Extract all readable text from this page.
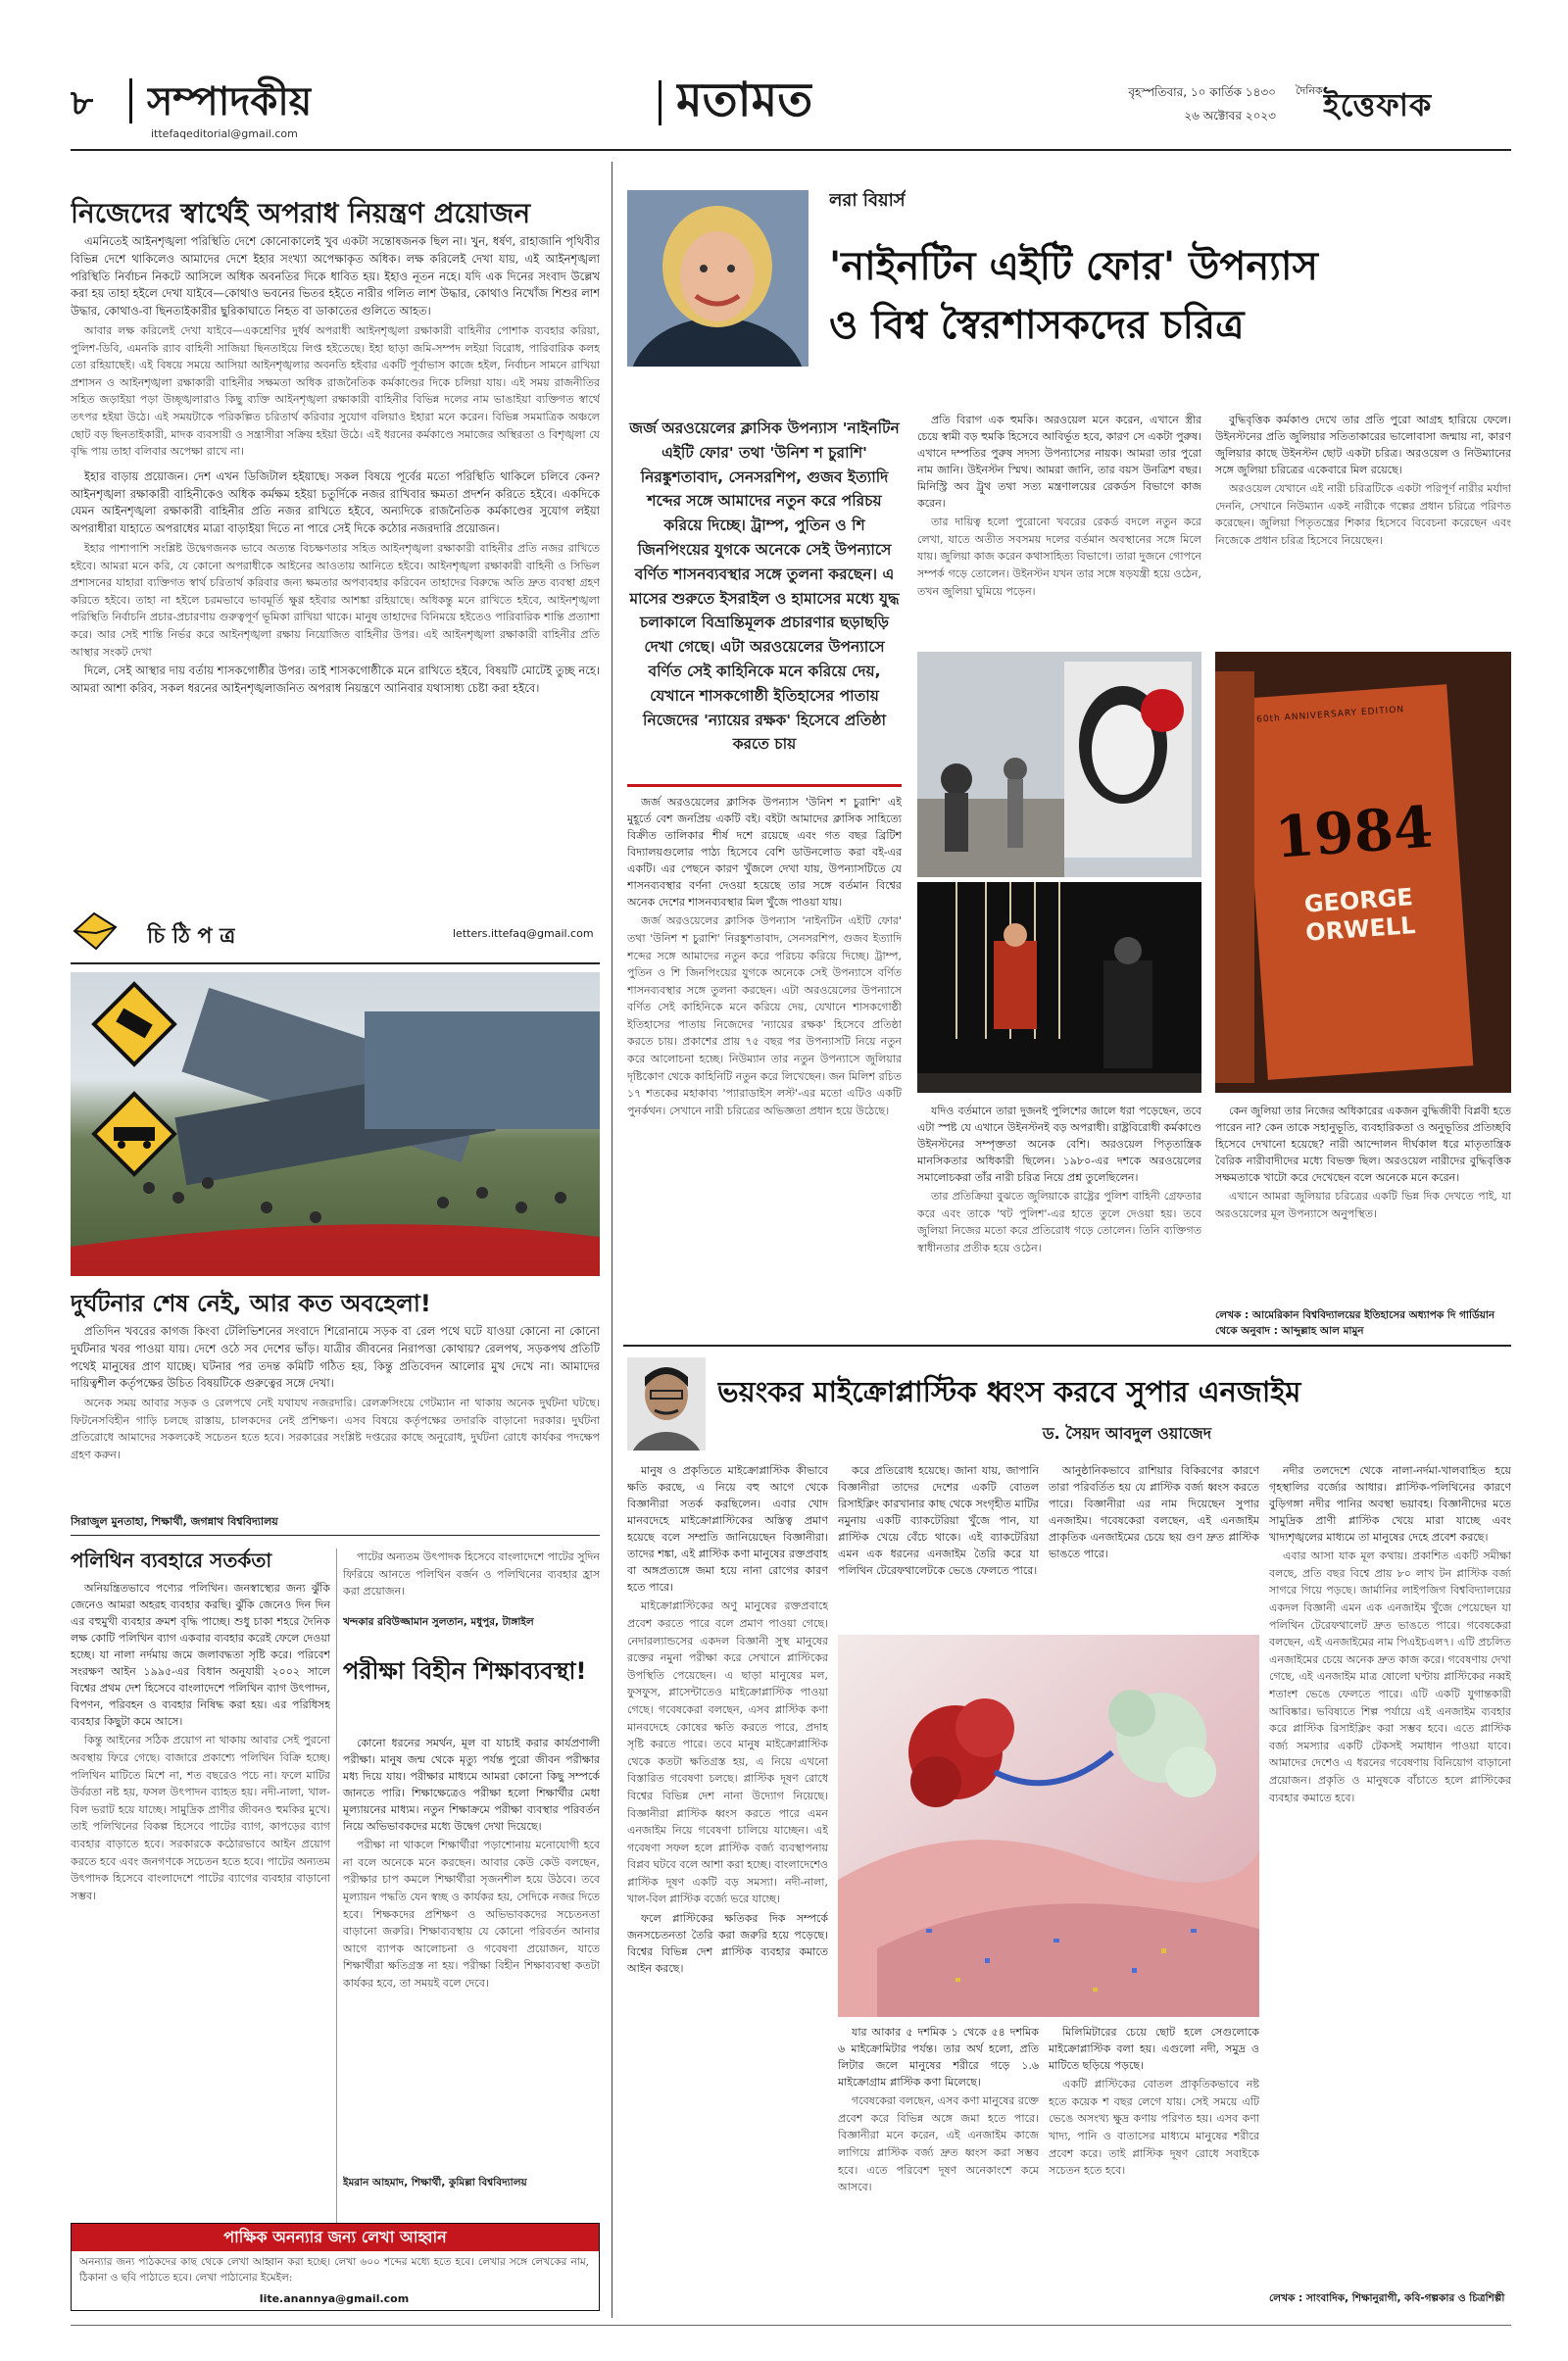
৮ সম্পাদকীয়
ittefaqeditorial@gmail.com
মতামত	বৃহস্পতিবার, ১০ কার্তিক ১৪৩০
২৬ অক্টোবর ২০২৩
দৈনিক ইত্তেফাক
নিজেদের স্বার্থেই অপরাধ নিয়ন্ত্রণ প্রয়োজন

এমনিতেই আইনশৃঙ্খলা পরিস্থিতি দেশে কোনোকালেই খুব একটা সন্তোষজনক ছিল না। খুন, ধর্ষণ, রাহাজানি পৃথিবীর বিভিন্ন দেশে থাকিলেও আমাদের দেশে ইহার সংখ্যা অপেক্ষাকৃত অধিক। লক্ষ করিলেই দেখা যায়, এই আইনশৃঙ্খলা পরিস্থিতি নির্বাচন নিকটে আসিলে অধিক অবনতির দিকে ধাবিত হয়। ইহাও নূতন নহে। যদি এক দিনের সংবাদ উল্লেখ করা হয় তাহা হইলে দেখা যাইবে—কোথাও ভবনের ভিতর হইতে নারীর গলিত লাশ উদ্ধার, কোথাও নিখোঁজ শিশুর লাশ উদ্ধার, কোথাও-বা ছিনতাইকারীর ছুরিকাঘাতে নিহত বা ডাকাতের গুলিতে আহত।

আবার লক্ষ করিলেই দেখা যাইবে—একশ্রেণির দুর্ধর্ষ অপরাধী আইনশৃঙ্খলা রক্ষাকারী বাহিনীর পোশাক ব্যবহার করিয়া, পুলিশ-ডিবি, এমনকি র‍্যাব বাহিনী সাজিয়া ছিনতাইয়ে লিপ্ত হইতেছে। ইহা ছাড়া জমি-সম্পদ লইয়া বিরোধ, পারিবারিক কলহ তো রহিয়াছেই। এই বিষয়ে সময়ে আসিয়া আইনশৃঙ্খলার অবনতি হইবার একটি পূর্বাভাস কাজে হইল, নির্বাচন সামনে রাখিয়া প্রশাসন ও আইনশৃঙ্খলা রক্ষাকারী বাহিনীর সক্ষমতা অধিক রাজনৈতিক কর্মকাণ্ডের দিকে চলিয়া যায়। এই সময় রাজনীতির সহিত জড়াইয়া পড়া উচ্ছৃঙ্খলারাও কিছু ব্যক্তি আইনশৃঙ্খলা রক্ষাকারী বাহিনীর বিভিন্ন দলের নাম ভাঙাইয়া ব্যক্তিগত স্বার্থে তৎপর হইয়া উঠে। এই সময়টাকে পরিকল্পিত চরিতার্থ করিবার সুযোগ বলিয়াও ইহারা মনে করেন। বিভিন্ন সমমাত্রিক অঞ্চলে ছোট বড় ছিনতাইকারী, মাদক ব্যবসায়ী ও সন্ত্রাসীরা সক্রিয় হইয়া উঠে। এই ধরনের কর্মকাণ্ডে সমাজের অস্থিরতা ও বিশৃঙ্খলা যে বৃদ্ধি পায় তাহা বলিবার অপেক্ষা রাখে না।

ইহার বাড়ায় প্রয়োজন। দেশ এখন ডিজিটাল হইয়াছে। সকল বিষয়ে পূর্বের মতো পরিস্থিতি থাকিলে চলিবে কেন? আইনশৃঙ্খলা রক্ষাকারী বাহিনীকেও অধিক কর্মক্ষম হইয়া চতুর্দিকে নজর রাখিবার ক্ষমতা প্রদর্শন করিতে হইবে। একদিকে যেমন আইনশৃঙ্খলা রক্ষাকারী বাহিনীর প্রতি নজর রাখিতে হইবে, অন্যদিকে রাজনৈতিক কর্মকাণ্ডের সুযোগ লইয়া অপরাধীরা যাহাতে অপরাধের মাত্রা বাড়াইয়া দিতে না পারে সেই দিকে কঠোর নজরদারি প্রয়োজন।

ইহার পাশাপাশি সংশ্লিষ্ট উদ্বেগজনক ভাবে অত্যন্ত বিচক্ষণতার সহিত আইনশৃঙ্খলা রক্ষাকারী বাহিনীর প্রতি নজর রাখিতে হইবে। আমরা মনে করি, যে কোনো অপরাধীকে আইনের আওতায় আনিতে হইবে। আইনশৃঙ্খলা রক্ষাকারী বাহিনী ও সিভিল প্রশাসনের যাহারা ব্যক্তিগত স্বার্থ চরিতার্থ করিবার জন্য ক্ষমতার অপব্যবহার করিবেন তাহাদের বিরুদ্ধে অতি দ্রুত ব্যবস্থা গ্রহণ করিতে হইবে। তাহা না হইলে চরমভাবে ভাবমূর্তি ক্ষুণ্ণ হইবার আশঙ্কা রহিয়াছে। অধিকন্তু মনে রাখিতে হইবে, আইনশৃঙ্খলা পরিস্থিতি নির্বাচনি প্রচার-প্রচারণায় গুরুত্বপূর্ণ ভূমিকা রাখিয়া থাকে। মানুষ তাহাদের বিনিময়ে হইতেও পারিবারিক শান্তি প্রত্যাশা করে। আর সেই শান্তি নির্ভর করে আইনশৃঙ্খলা রক্ষায় নিয়োজিত বাহিনীর উপর। এই আইনশৃঙ্খলা রক্ষাকারী বাহিনীর প্রতি আস্থার সংকট দেখা

দিলে, সেই আস্থার দায় বর্তায় শাসকগোষ্ঠীর উপর। তাই শাসকগোষ্ঠীকে মনে রাখিতে হইবে, বিষয়টি মোটেই তুচ্ছ নহে। আমরা আশা করিব, সকল ধরনের আইনশৃঙ্খলাজনিত অপরাধ নিয়ন্ত্রণে আনিবার যথাসাধ্য চেষ্টা করা হইবে।

চি ঠি প ত্র	letters.ittefaq@gmail.com
দুর্ঘটনার শেষ নেই, আর কত অবহেলা!

প্রতিদিন খবরের কাগজ কিংবা টেলিভিশনের সংবাদে শিরোনামে সড়ক বা রেল পথে ঘটে যাওয়া কোনো না কোনো দুর্ঘটনার খবর পাওয়া যায়। দেশে ওঠে সব দেশের ভাঁড়। যাত্রীর জীবনের নিরাপত্তা কোথায়? রেলপথ, সড়কপথ প্রতিটি পথেই মানুষের প্রাণ যাচ্ছে। ঘটনার পর তদন্ত কমিটি গঠিত হয়, কিন্তু প্রতিবেদন আলোর মুখ দেখে না। আমাদের দায়িত্বশীল কর্তৃপক্ষের উচিত বিষয়টিকে গুরুত্বের সঙ্গে দেখা।

অনেক সময় আবার সড়ক ও রেলপথে নেই যথাযথ নজরদারি। রেলক্রসিংয়ে গেটম্যান না থাকায় অনেক দুর্ঘটনা ঘটছে। ফিটনেসবিহীন গাড়ি চলছে রাস্তায়, চালকদের নেই প্রশিক্ষণ। এসব বিষয়ে কর্তৃপক্ষের তদারকি বাড়ানো দরকার। দুর্ঘটনা প্রতিরোধে আমাদের সকলকেই সচেতন হতে হবে। সরকারের সংশ্লিষ্ট দপ্তরের কাছে অনুরোধ, দুর্ঘটনা রোধে কার্যকর পদক্ষেপ গ্রহণ করুন।

সিরাজুল মুনতাহা, শিক্ষার্থী, জগন্নাথ বিশ্ববিদ্যালয়
পলিথিন ব্যবহারে সতর্কতা

অনিয়ন্ত্রিতভাবে পণ্যের পলিথিন। জনস্বাস্থ্যের জন্য ঝুঁকি জেনেও আমরা অহরহ ব্যবহার করছি। ঝুঁকি জেনেও দিন দিন এর বহুমুখী ব্যবহার ক্রমশ বৃদ্ধি পাচ্ছে। শুধু চাকা শহরে দৈনিক লক্ষ কোটি পলিথিন ব্যাগ একবার ব্যবহার করেই ফেলে দেওয়া হচ্ছে। যা নালা নর্দমায় জমে জলাবদ্ধতা সৃষ্টি করে। পরিবেশ সংরক্ষণ আইন ১৯৯৫-এর বিধান অনুযায়ী ২০০২ সালে বিশ্বের প্রথম দেশ হিসেবে বাংলাদেশে পলিথিন ব্যাগ উৎপাদন, বিপণন, পরিবহন ও ব্যবহার নিষিদ্ধ করা হয়। এর পরিধিসহ ব্যবহার কিছুটা কমে আসে।

কিন্তু আইনের সঠিক প্রয়োগ না থাকায় আবার সেই পুরনো অবস্থায় ফিরে গেছে। বাজারে প্রকাশ্যে পলিথিন বিক্রি হচ্ছে। পলিথিন মাটিতে মিশে না, শত বছরেও পচে না। ফলে মাটির উর্বরতা নষ্ট হয়, ফসল উৎপাদন ব্যাহত হয়। নদী-নালা, খাল-বিল ভরাট হয়ে যাচ্ছে। সামুদ্রিক প্রাণীর জীবনও হুমকির মুখে। তাই পলিথিনের বিকল্প হিসেবে পাটের ব্যাগ, কাপড়ের ব্যাগ ব্যবহার বাড়াতে হবে। সরকারকে কঠোরভাবে আইন প্রয়োগ করতে হবে এবং জনগণকে সচেতন হতে হবে। পাটের অন্যতম উৎপাদক হিসেবে বাংলাদেশে পাটের ব্যাগের ব্যবহার বাড়ানো সম্ভব।

পাটের অন্যতম উৎপাদক হিসেবে বাংলাদেশে পাটের সুদিন ফিরিয়ে আনতে পলিথিন বর্জন ও পলিথিনের ব্যবহার হ্রাস করা প্রয়োজন।

খন্দকার রবিউজ্জামান সুলতান, মধুপুর, টাঙ্গাইল
পরীক্ষা বিহীন শিক্ষাব্যবস্থা!

কোনো ধরনের সমর্থন, মূল বা যাচাই করার কার্যপ্রণালী পরীক্ষা। মানুষ জন্ম থেকে মৃত্যু পর্যন্ত পুরো জীবন পরীক্ষার মধ্য দিয়ে যায়। পরীক্ষার মাধ্যমে আমরা কোনো কিছু সম্পর্কে জানতে পারি। শিক্ষাক্ষেত্রেও পরীক্ষা হলো শিক্ষার্থীর মেধা মূল্যায়নের মাধ্যম। নতুন শিক্ষাক্রমে পরীক্ষা ব্যবস্থার পরিবর্তন নিয়ে অভিভাবকদের মধ্যে উদ্বেগ দেখা দিয়েছে।

পরীক্ষা না থাকলে শিক্ষার্থীরা পড়াশোনায় মনোযোগী হবে না বলে অনেকে মনে করছেন। আবার কেউ কেউ বলছেন, পরীক্ষার চাপ কমলে শিক্ষার্থীরা সৃজনশীল হয়ে উঠবে। তবে মূল্যায়ন পদ্ধতি যেন স্বচ্ছ ও কার্যকর হয়, সেদিকে নজর দিতে হবে। শিক্ষকদের প্রশিক্ষণ ও অভিভাবকদের সচেতনতা বাড়ানো জরুরি। শিক্ষাব্যবস্থায় যে কোনো পরিবর্তন আনার আগে ব্যাপক আলোচনা ও গবেষণা প্রয়োজন, যাতে শিক্ষার্থীরা ক্ষতিগ্রস্ত না হয়। পরীক্ষা বিহীন শিক্ষাব্যবস্থা কতটা কার্যকর হবে, তা সময়ই বলে দেবে।

ইমরান আহমাদ, শিক্ষার্থী, কুমিল্লা বিশ্ববিদ্যালয়
পাক্ষিক অনন্যার জন্য লেখা আহ্বান
অনন্যার জন্য পাঠকদের কাছ থেকে লেখা আহ্বান করা হচ্ছে। লেখা ৬০০ শব্দের মধ্যে হতে হবে। লেখার সঙ্গে লেখকের নাম, ঠিকানা ও ছবি পাঠাতে হবে। লেখা পাঠানোর ইমেইল:
lite.anannya@gmail.com
লরা বিয়ার্স
'নাইনটিন এইটি ফোর' উপন্যাস
ও বিশ্ব স্বৈরশাসকদের চরিত্র
জর্জ অরওয়েলের ক্লাসিক উপন্যাস 'নাইনটিন এইটি ফোর' তথা 'উনিশ শ চুরাশি' নিরঙ্কুশতাবাদ, সেনসরশিপ, গুজব ইত্যাদি শব্দের সঙ্গে আমাদের নতুন করে পরিচয় করিয়ে দিচ্ছে। ট্রাম্প, পুতিন ও শি জিনপিংয়ের যুগকে অনেকে সেই উপন্যাসে বর্ণিত শাসনব্যবস্থার সঙ্গে তুলনা করছেন। এ মাসের শুরুতে ইসরাইল ও হামাসের মধ্যে যুদ্ধ চলাকালে বিভ্রান্তিমূলক প্রচারণার ছড়াছড়ি দেখা গেছে। এটা অরওয়েলের উপন্যাসে বর্ণিত সেই কাহিনিকে মনে করিয়ে দেয়, যেখানে শাসকগোষ্ঠী ইতিহাসের পাতায় নিজেদের 'ন্যায়ের রক্ষক' হিসেবে প্রতিষ্ঠা করতে চায়

প্রতি বিরাগ এক হুমকি। অরওয়েল মনে করেন, এখানে স্ত্রীর চেয়ে স্বামী বড় হুমকি হিসেবে আবির্ভূত হবে, কারণ সে একটা পুরুষ। এখানে দম্পতির পুরুষ সদস্য উপন্যাসের নায়ক। আমরা তার পুরো নাম জানি। উইনস্টন স্মিথ। আমরা জানি, তার বয়স উনত্রিশ বছর। মিনিস্ট্রি অব ট্রুথ তথা সত্য মন্ত্রণালয়ের রেকর্ডস বিভাগে কাজ করেন।

তার দায়িত্ব হলো পুরোনো খবরের রেকর্ড বদলে নতুন করে লেখা, যাতে অতীত সবসময় দলের বর্তমান অবস্থানের সঙ্গে মিলে যায়। জুলিয়া কাজ করেন কথাসাহিত্য বিভাগে। তারা দুজনে গোপনে সম্পর্ক গড়ে তোলেন। উইনস্টন যখন তার সঙ্গে ষড়যন্ত্রী হয়ে ওঠেন, তখন জুলিয়া ঘুমিয়ে পড়েন।

বুদ্ধিবৃত্তিক কর্মকাণ্ড দেখে তার প্রতি পুরো আগ্রহ হারিয়ে ফেলে। উইনস্টনের প্রতি জুলিয়ার সতিতাকারের ভালোবাসা জন্মায় না, কারণ জুলিয়ার কাছে উইনস্টন ছোট একটা চরিত্র। অরওয়েল ও নিউম্যানের সঙ্গে জুলিয়া চরিত্রের একেবারে মিল রয়েছে।

অরওয়েল যেখানে এই নারী চরিত্রটিকে একটা পরিপূর্ণ নারীর মর্যাদা দেননি, সেখানে নিউম্যান একই নারীকে গল্পের প্রধান চরিত্রে পরিণত করেছেন। জুলিয়া পিতৃতন্ত্রের শিকার হিসেবে বিবেচনা করেছেন এবং নিজেকে প্রধান চরিত্র হিসেবে নিয়েছেন।

60th ANNIVERSARY EDITION
1984
GEORGE ORWELL

জর্জ অরওয়েলের ক্লাসিক উপন্যাস 'উনিশ শ চুরাশি' এই মুহূর্তে বেশ জনপ্রিয় একটি বই। বইটা আমাদের ক্লাসিক সাহিত্যে বিক্রীত তালিকার শীর্ষ দশে রয়েছে এবং গত বছর ব্রিটিশ বিদ্যালয়গুলোর পাঠ্য হিসেবে বেশি ডাউনলোড করা বই-এর একটি। এর পেছনে কারণ খুঁজলে দেখা যায়, উপন্যাসটিতে যে শাসনব্যবস্থার বর্ণনা দেওয়া হয়েছে তার সঙ্গে বর্তমান বিশ্বের অনেক দেশের শাসনব্যবস্থার মিল খুঁজে পাওয়া যায়।

জর্জ অরওয়েলের ক্লাসিক উপন্যাস 'নাইনটিন এইটি ফোর' তথা 'উনিশ শ চুরাশি' নিরঙ্কুশতাবাদ, সেনসরশিপ, গুজব ইত্যাদি শব্দের সঙ্গে আমাদের নতুন করে পরিচয় করিয়ে দিচ্ছে। ট্রাম্প, পুতিন ও শি জিনপিংয়ের যুগকে অনেকে সেই উপন্যাসে বর্ণিত শাসনব্যবস্থার সঙ্গে তুলনা করছেন। এটা অরওয়েলের উপন্যাসে বর্ণিত সেই কাহিনিকে মনে করিয়ে দেয়, যেখানে শাসকগোষ্ঠী ইতিহাসের পাতায় নিজেদের 'ন্যায়ের রক্ষক' হিসেবে প্রতিষ্ঠা করতে চায়। প্রকাশের প্রায় ৭৫ বছর পর উপন্যাসটি নিয়ে নতুন করে আলোচনা হচ্ছে। নিউম্যান তার নতুন উপন্যাসে জুলিয়ার দৃষ্টিকোণ থেকে কাহিনিটি নতুন করে লিখেছেন। জন মিলিশ রচিত ১৭ শতকের মহাকাব্য 'প্যারাডাইস লস্ট'-এর মতো এটিও একটি পুনর্কথন। সেখানে নারী চরিত্রের অভিজ্ঞতা প্রধান হয়ে উঠেছে।	যদিও বর্তমানে তারা দুজনই পুলিশের জালে ধরা পড়েছেন, তবে এটা স্পষ্ট যে এখানে উইনস্টনই বড় অপরাধী। রাষ্ট্রবিরোধী কর্মকাণ্ডে উইনস্টনের সম্পৃক্ততা অনেক বেশি। অরওয়েল পিতৃতান্ত্রিক মানসিকতার অধিকারী ছিলেন। ১৯৮০-এর দশকে অরওয়েলের সমালোচকরা তাঁর নারী চরিত্র নিয়ে প্রশ্ন তুলেছিলেন।

তার প্রতিক্রিয়া বুঝতে জুলিয়াকে রাষ্ট্রের পুলিশ বাহিনী গ্রেফতার করে এবং তাকে 'থট পুলিশ'-এর হাতে তুলে দেওয়া হয়। তবে জুলিয়া নিজের মতো করে প্রতিরোধ গড়ে তোলেন। তিনি ব্যক্তিগত স্বাধীনতার প্রতীক হয়ে ওঠেন।

কেন জুলিয়া তার নিজের অধিকারের একজন বুদ্ধিজীবী বিপ্লবী হতে পারেন না? কেন তাকে সহানুভূতি, ব্যবহারিকতা ও অনুভূতির প্রতিচ্ছবি হিসেবে দেখানো হয়েছে? নারী আন্দোলন দীর্ঘকাল ধরে মাতৃতান্ত্রিক বৈরিক নারীবাদীদের মধ্যে বিভক্ত ছিল। অরওয়েল নারীদের বুদ্ধিবৃত্তিক সক্ষমতাকে খাটো করে দেখেছেন বলে অনেকে মনে করেন।

এখানে আমরা জুলিয়ার চরিত্রের একটি ভিন্ন দিক দেখতে পাই, যা অরওয়েলের মূল উপন্যাসে অনুপস্থিত।

লেখক : আমেরিকান বিশ্ববিদ্যালয়ের ইতিহাসের অধ্যাপক দি গার্ডিয়ান থেকে অনুবাদ : আব্দুল্লাহ আল মামুন
ভয়ংকর মাইক্রোপ্লাস্টিক ধ্বংস করবে সুপার এনজাইম
ড. সৈয়দ আবদুল ওয়াজেদ

মানুষ ও প্রকৃতিতে মাইক্রোপ্লাস্টিক কীভাবে ক্ষতি করছে, এ নিয়ে বহু আগে থেকে বিজ্ঞানীরা সতর্ক করছিলেন। এবার খোদ মানবদেহে মাইক্রোপ্লাস্টিকের অস্তিত্ব প্রমাণ হয়েছে বলে সম্প্রতি জানিয়েছেন বিজ্ঞানীরা। তাদের শঙ্কা, এই প্লাস্টিক কণা মানুষের রক্তপ্রবাহ বা অঙ্গপ্রত্যঙ্গে জমা হয়ে নানা রোগের কারণ হতে পারে।

মাইক্রোপ্লাস্টিকের অণু মানুষের রক্তপ্রবাহে প্রবেশ করতে পারে বলে প্রমাণ পাওয়া গেছে। নেদারল্যান্ডসের একদল বিজ্ঞানী সুস্থ মানুষের রক্তের নমুনা পরীক্ষা করে সেখানে প্লাস্টিকের উপস্থিতি পেয়েছেন। এ ছাড়া মানুষের মল, ফুসফুস, প্লাসেন্টাতেও মাইক্রোপ্লাস্টিক পাওয়া গেছে। গবেষকেরা বলছেন, এসব প্লাস্টিক কণা মানবদেহে কোষের ক্ষতি করতে পারে, প্রদাহ সৃষ্টি করতে পারে। তবে মানুষ মাইক্রোপ্লাস্টিক থেকে কতটা ক্ষতিগ্রস্ত হয়, এ নিয়ে এখনো বিস্তারিত গবেষণা চলছে। প্লাস্টিক দূষণ রোধে বিশ্বের বিভিন্ন দেশ নানা উদ্যোগ নিয়েছে। বিজ্ঞানীরা প্লাস্টিক ধ্বংস করতে পারে এমন এনজাইম নিয়ে গবেষণা চালিয়ে যাচ্ছেন। এই গবেষণা সফল হলে প্লাস্টিক বর্জ্য ব্যবস্থাপনায় বিপ্লব ঘটবে বলে আশা করা হচ্ছে। বাংলাদেশেও প্লাস্টিক দূষণ একটি বড় সমস্যা। নদী-নালা, খাল-বিল প্লাস্টিক বর্জ্যে ভরে যাচ্ছে।

ফলে প্লাস্টিকের ক্ষতিকর দিক সম্পর্কে জনসচেতনতা তৈরি করা জরুরি হয়ে পড়েছে। বিশ্বের বিভিন্ন দেশ প্লাস্টিক ব্যবহার কমাতে আইন করছে।

করে প্রতিরোধ হয়েছে। জানা যায়, জাপানি বিজ্ঞানীরা তাদের দেশের একটি বোতল রিসাইক্লিং কারখানার কাছ থেকে সংগৃহীত মাটির নমুনায় একটি ব্যাকটেরিয়া খুঁজে পান, যা প্লাস্টিক খেয়ে বেঁচে থাকে। এই ব্যাকটেরিয়া এমন এক ধরনের এনজাইম তৈরি করে যা পলিথিন টেরেফথালেটকে ভেঙে ফেলতে পারে।

আনুষ্ঠানিকভাবে রাশিয়ার বিকিরণের কারণে তারা পরিবর্তিত হয় যে প্লাস্টিক বর্জ্য ধ্বংস করতে পারে। বিজ্ঞানীরা এর নাম দিয়েছেন সুপার এনজাইম। গবেষকেরা বলছেন, এই এনজাইম প্রাকৃতিক এনজাইমের চেয়ে ছয় গুণ দ্রুত প্লাস্টিক ভাঙতে পারে।

যার আকার ৫ দশমিক ১ থেকে ৫৪ দশমিক ৬ মাইক্রোমিটার পর্যন্ত। তার অর্থ হলো, প্রতি লিটার জলে মানুষের শরীরে গড়ে ১.৬ মাইক্রোগ্রাম প্লাস্টিক কণা মিলেছে।

গবেষকেরা বলছেন, এসব কণা মানুষের রক্তে প্রবেশ করে বিভিন্ন অঙ্গে জমা হতে পারে। বিজ্ঞানীরা মনে করেন, এই এনজাইম কাজে লাগিয়ে প্লাস্টিক বর্জ্য দ্রুত ধ্বংস করা সম্ভব হবে। এতে পরিবেশ দূষণ অনেকাংশে কমে আসবে।

মিলিমিটারের চেয়ে ছোট হলে সেগুলোকে মাইক্রোপ্লাস্টিক বলা হয়। এগুলো নদী, সমুদ্র ও মাটিতে ছড়িয়ে পড়ছে।

একটি প্লাস্টিকের বোতল প্রাকৃতিকভাবে নষ্ট হতে কয়েক শ বছর লেগে যায়। সেই সময়ে এটি ভেঙে অসংখ্য ক্ষুদ্র কণায় পরিণত হয়। এসব কণা খাদ্য, পানি ও বাতাসের মাধ্যমে মানুষের শরীরে প্রবেশ করে। তাই প্লাস্টিক দূষণ রোধে সবাইকে সচেতন হতে হবে।

নদীর তলদেশে থেকে নালা-নর্দমা-খালবাহিত হয়ে গৃহস্থালির বর্জ্যের আধার। প্লাস্টিক-পলিথিনের কারণে বুড়িগঙ্গা নদীর পানির অবস্থা ভয়াবহ। বিজ্ঞানীদের মতে সামুদ্রিক প্রাণী প্লাস্টিক খেয়ে মারা যাচ্ছে এবং খাদ্যশৃঙ্খলের মাধ্যমে তা মানুষের দেহে প্রবেশ করছে।

এবার আসা যাক মূল কথায়। প্রকাশিত একটি সমীক্ষা বলছে, প্রতি বছর বিশ্বে প্রায় ৮০ লাখ টন প্লাস্টিক বর্জ্য সাগরে গিয়ে পড়ছে। জার্মানির লাইপজিগ বিশ্ববিদ্যালয়ের একদল বিজ্ঞানী এমন এক এনজাইম খুঁজে পেয়েছেন যা পলিথিন টেরেফথালেট দ্রুত ভাঙতে পারে। গবেষকেরা বলছেন, এই এনজাইমের নাম পিএইচএল৭। এটি প্রচলিত এনজাইমের চেয়ে অনেক দ্রুত কাজ করে। গবেষণায় দেখা গেছে, এই এনজাইম মাত্র ষোলো ঘণ্টায় প্লাস্টিকের নব্বই শতাংশ ভেঙে ফেলতে পারে। এটি একটি যুগান্তকারী আবিষ্কার। ভবিষ্যতে শিল্প পর্যায়ে এই এনজাইম ব্যবহার করে প্লাস্টিক রিসাইক্লিং করা সম্ভব হবে। এতে প্লাস্টিক বর্জ্য সমস্যার একটি টেকসই সমাধান পাওয়া যাবে। আমাদের দেশেও এ ধরনের গবেষণায় বিনিয়োগ বাড়ানো প্রয়োজন। প্রকৃতি ও মানুষকে বাঁচাতে হলে প্লাস্টিকের ব্যবহার কমাতে হবে।

লেখক : সাংবাদিক, শিক্ষানুরাগী, কবি-গল্পকার ও চিত্রশিল্পী
